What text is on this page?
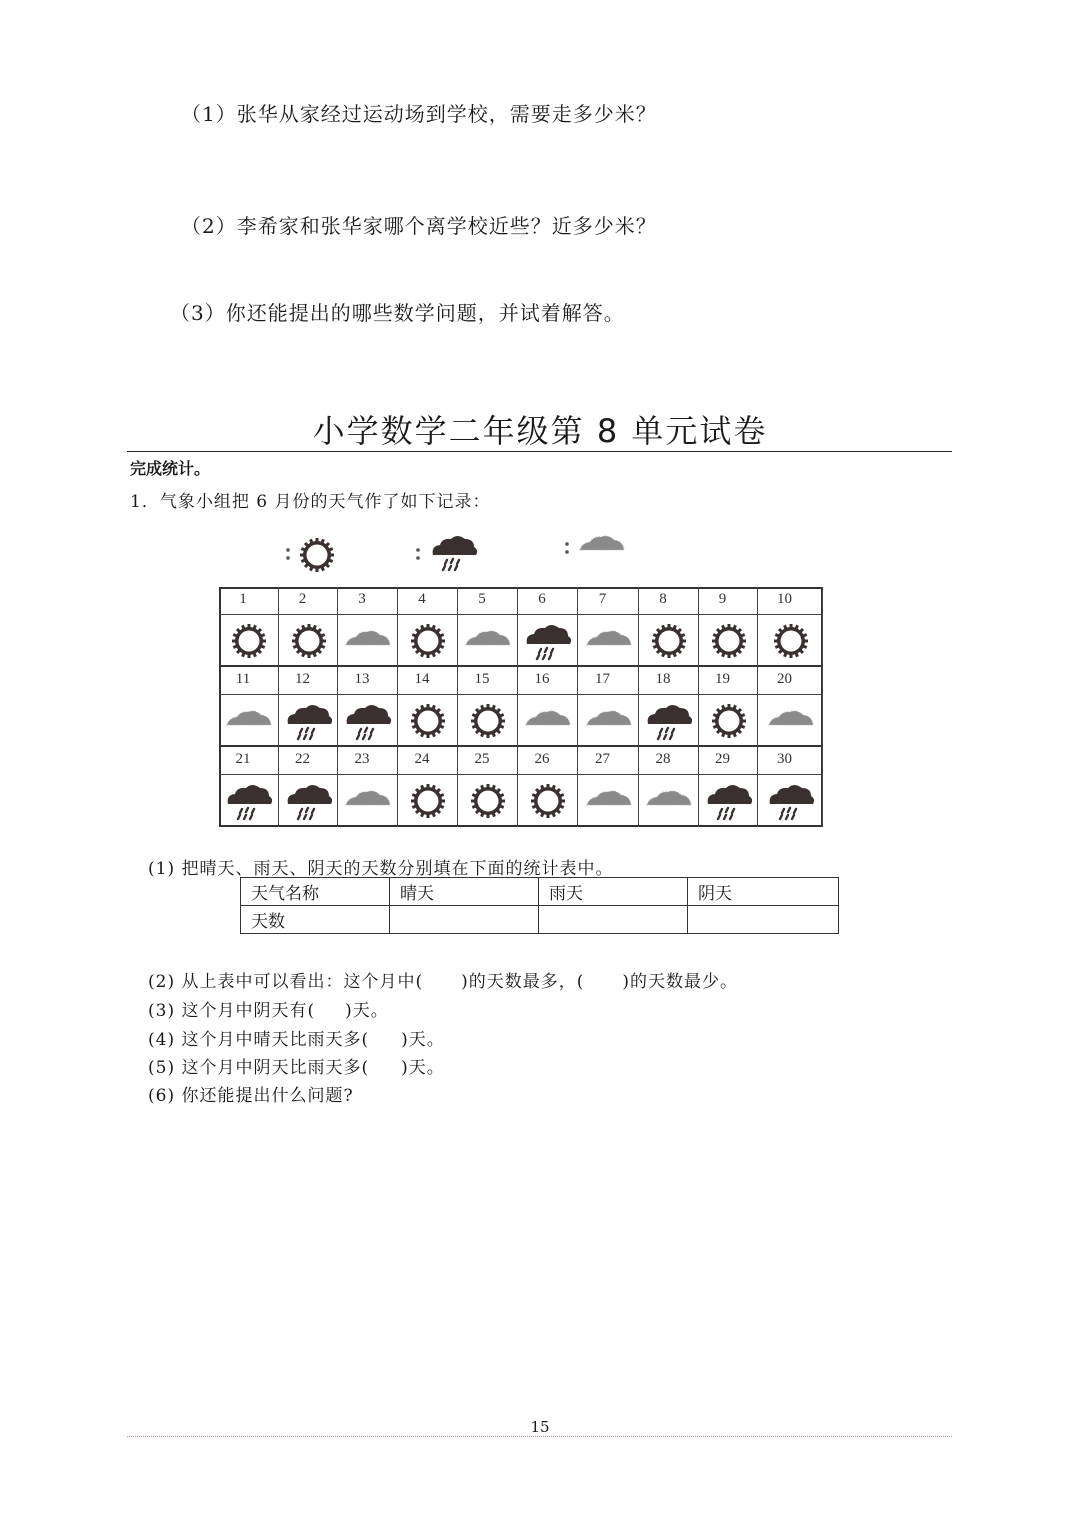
（1）张华从家经过运动场到学校，需要走多少米？
（2）李希家和张华家哪个离学校近些？近多少米？
（3）你还能提出的哪些数学问题，并试着解答。
小学数学二年级第 8 单元试卷
完成统计。
1．气象小组把 6 月份的天气作了如下记录：
1	2	3	4	5	6	7	8	9	10
11	12	13	14	15	16	17	18	19	20
21	22	23	24	25	26	27	28	29	30
(1) 把晴天、雨天、阴天的天数分别填在下面的统计表中。
天气名称	晴天	雨天	阴天
天数			
(2) 从上表中可以看出：这个月中( )的天数最多，( )的天数最少。
(3) 这个月中阴天有( )天。
(4) 这个月中晴天比雨天多( )天。
(5) 这个月中阴天比雨天多( )天。
(6) 你还能提出什么问题?
15
